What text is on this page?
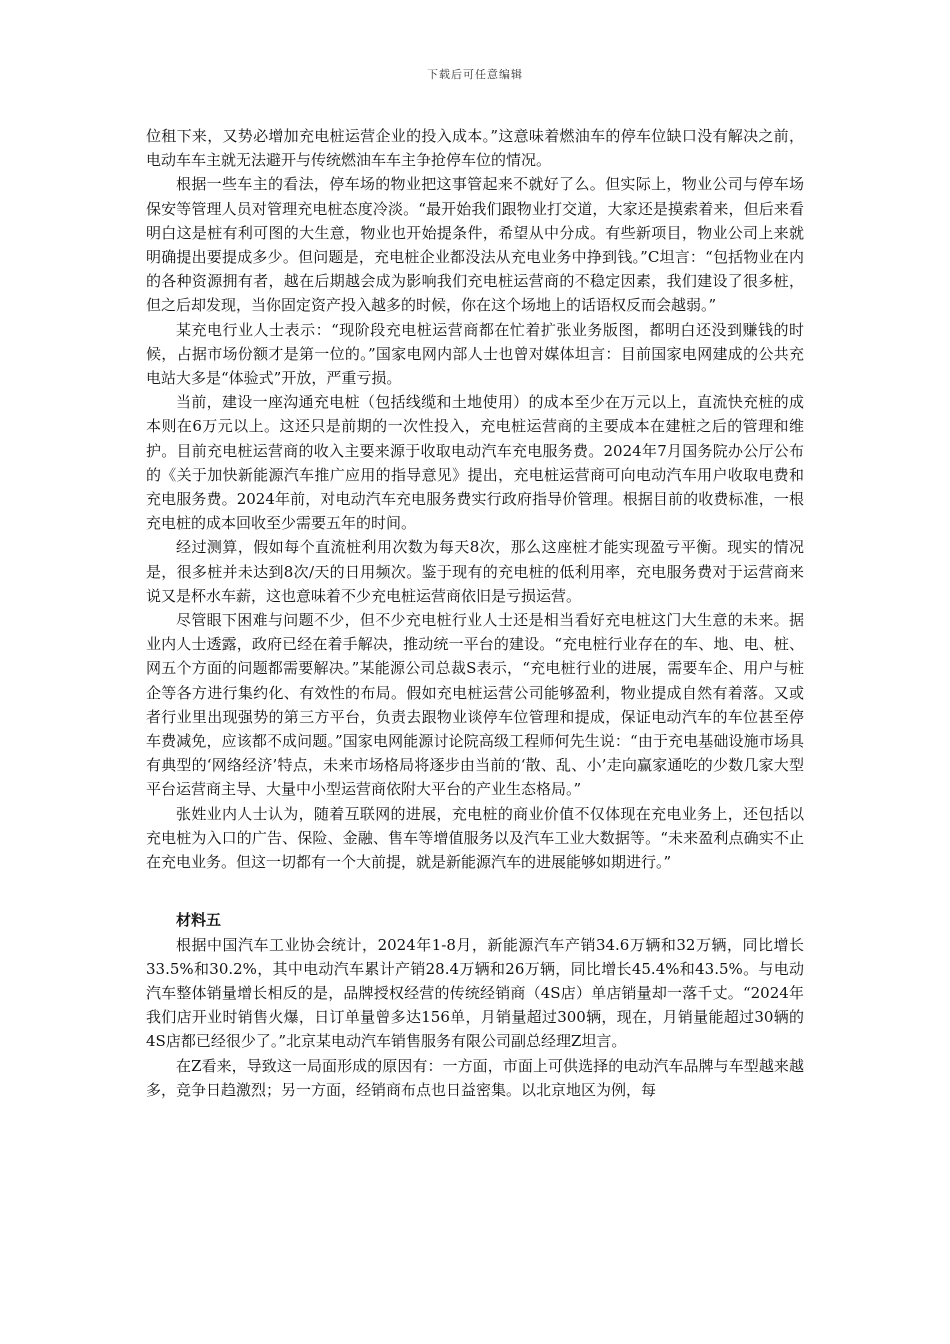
下载后可任意编辑

位租下来，又势必增加充电桩运营企业的投入成本。”这意味着燃油车的停车位缺口没有解决之前，电动车车主就无法避开与传统燃油车车主争抢停车位的情况。

根据一些车主的看法，停车场的物业把这事管起来不就好了么。但实际上，物业公司与停车场保安等管理人员对管理充电桩态度冷淡。“最开始我们跟物业打交道，大家还是摸索着来，但后来看明白这是桩有利可图的大生意，物业也开始提条件，希望从中分成。有些新项目，物业公司上来就明确提出要提成多少。但问题是，充电桩企业都没法从充电业务中挣到钱。”C坦言：“包括物业在内的各种资源拥有者，越在后期越会成为影响我们充电桩运营商的不稳定因素，我们建设了很多桩，但之后却发现，当你固定资产投入越多的时候，你在这个场地上的话语权反而会越弱。”

某充电行业人士表示：“现阶段充电桩运营商都在忙着扩张业务版图，都明白还没到赚钱的时候，占据市场份额才是第一位的。”国家电网内部人士也曾对媒体坦言：目前国家电网建成的公共充电站大多是“体验式”开放，严重亏损。

当前，建设一座沟通充电桩（包括线缆和土地使用）的成本至少在万元以上，直流快充桩的成本则在6万元以上。这还只是前期的一次性投入，充电桩运营商的主要成本在建桩之后的管理和维护。目前充电桩运营商的收入主要来源于收取电动汽车充电服务费。2024年7月国务院办公厅公布的《关于加快新能源汽车推广应用的指导意见》提出，充电桩运营商可向电动汽车用户收取电费和充电服务费。2024年前，对电动汽车充电服务费实行政府指导价管理。根据目前的收费标准，一根充电桩的成本回收至少需要五年的时间。

经过测算，假如每个直流桩利用次数为每天8次，那么这座桩才能实现盈亏平衡。现实的情况是，很多桩并未达到8次/天的日用频次。鉴于现有的充电桩的低利用率，充电服务费对于运营商来说又是杯水车薪，这也意味着不少充电桩运营商依旧是亏损运营。

尽管眼下困难与问题不少，但不少充电桩行业人士还是相当看好充电桩这门大生意的未来。据业内人士透露，政府已经在着手解决，推动统一平台的建设。“充电桩行业存在的车、地、电、桩、网五个方面的问题都需要解决。”某能源公司总裁S表示，“充电桩行业的进展，需要车企、用户与桩企等各方进行集约化、有效性的布局。假如充电桩运营公司能够盈利，物业提成自然有着落。又或者行业里出现强势的第三方平台，负责去跟物业谈停车位管理和提成，保证电动汽车的车位甚至停车费减免，应该都不成问题。”国家电网能源讨论院高级工程师何先生说：“由于充电基础设施市场具有典型的‘网络经济’特点，未来市场格局将逐步由当前的‘散、乱、小’走向赢家通吃的少数几家大型平台运营商主导、大量中小型运营商依附大平台的产业生态格局。”

张姓业内人士认为，随着互联网的进展，充电桩的商业价值不仅体现在充电业务上，还包括以充电桩为入口的广告、保险、金融、售车等增值服务以及汽车工业大数据等。“未来盈利点确实不止在充电业务。但这一切都有一个大前提，就是新能源汽车的进展能够如期进行。”

材料五

根据中国汽车工业协会统计，2024年1-8月，新能源汽车产销34.6万辆和32万辆，同比增长33.5%和30.2%，其中电动汽车累计产销28.4万辆和26万辆，同比增长45.4%和43.5%。与电动汽车整体销量增长相反的是，品牌授权经营的传统经销商（4S店）单店销量却一落千丈。“2024年我们店开业时销售火爆，日订单量曾多达156单，月销量超过300辆，现在，月销量能超过30辆的4S店都已经很少了。”北京某电动汽车销售服务有限公司副总经理Z坦言。

在Z看来，导致这一局面形成的原因有：一方面，市面上可供选择的电动汽车品牌与车型越来越多，竞争日趋激烈；另一方面，经销商布点也日益密集。以北京地区为例，每
